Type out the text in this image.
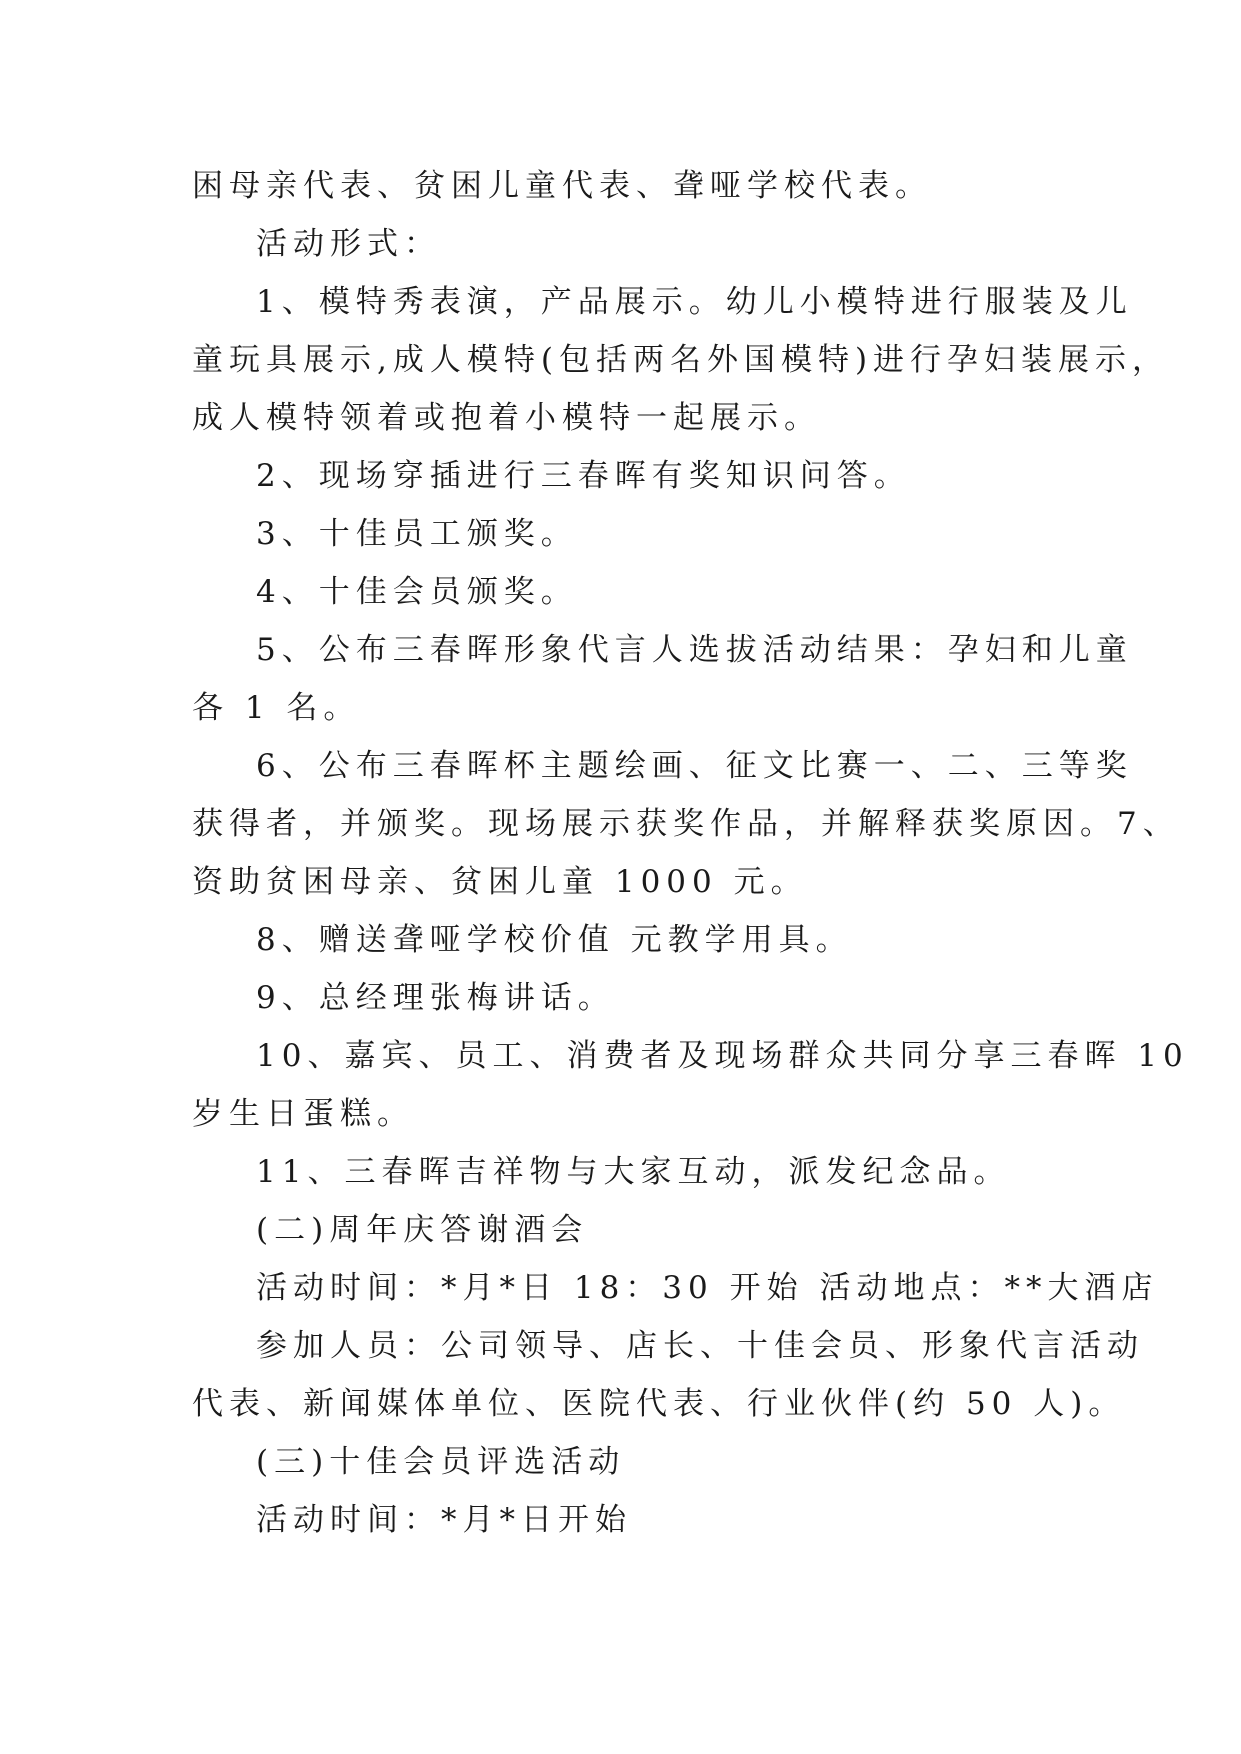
困母亲代表、贫困儿童代表、聋哑学校代表。
活动形式：
1、模特秀表演，产品展示。幼儿小模特进行服装及儿
童玩具展示,成人模特(包括两名外国模特)进行孕妇装展示，
成人模特领着或抱着小模特一起展示。
2、现场穿插进行三春晖有奖知识问答。
3、十佳员工颁奖。
4、十佳会员颁奖。
5、公布三春晖形象代言人选拔活动结果：孕妇和儿童
各 1 名。
6、公布三春晖杯主题绘画、征文比赛一、二、三等奖
获得者，并颁奖。现场展示获奖作品，并解释获奖原因。7、
资助贫困母亲、贫困儿童 1000 元。
8、赠送聋哑学校价值 元教学用具。
9、总经理张梅讲话。
10、嘉宾、员工、消费者及现场群众共同分享三春晖 10
岁生日蛋糕。
11、三春晖吉祥物与大家互动，派发纪念品。
(二)周年庆答谢酒会
活动时间：*月*日 18：30 开始 活动地点：**大酒店
参加人员：公司领导、店长、十佳会员、形象代言活动
代表、新闻媒体单位、医院代表、行业伙伴(约 50 人)。
(三)十佳会员评选活动
活动时间：*月*日开始
